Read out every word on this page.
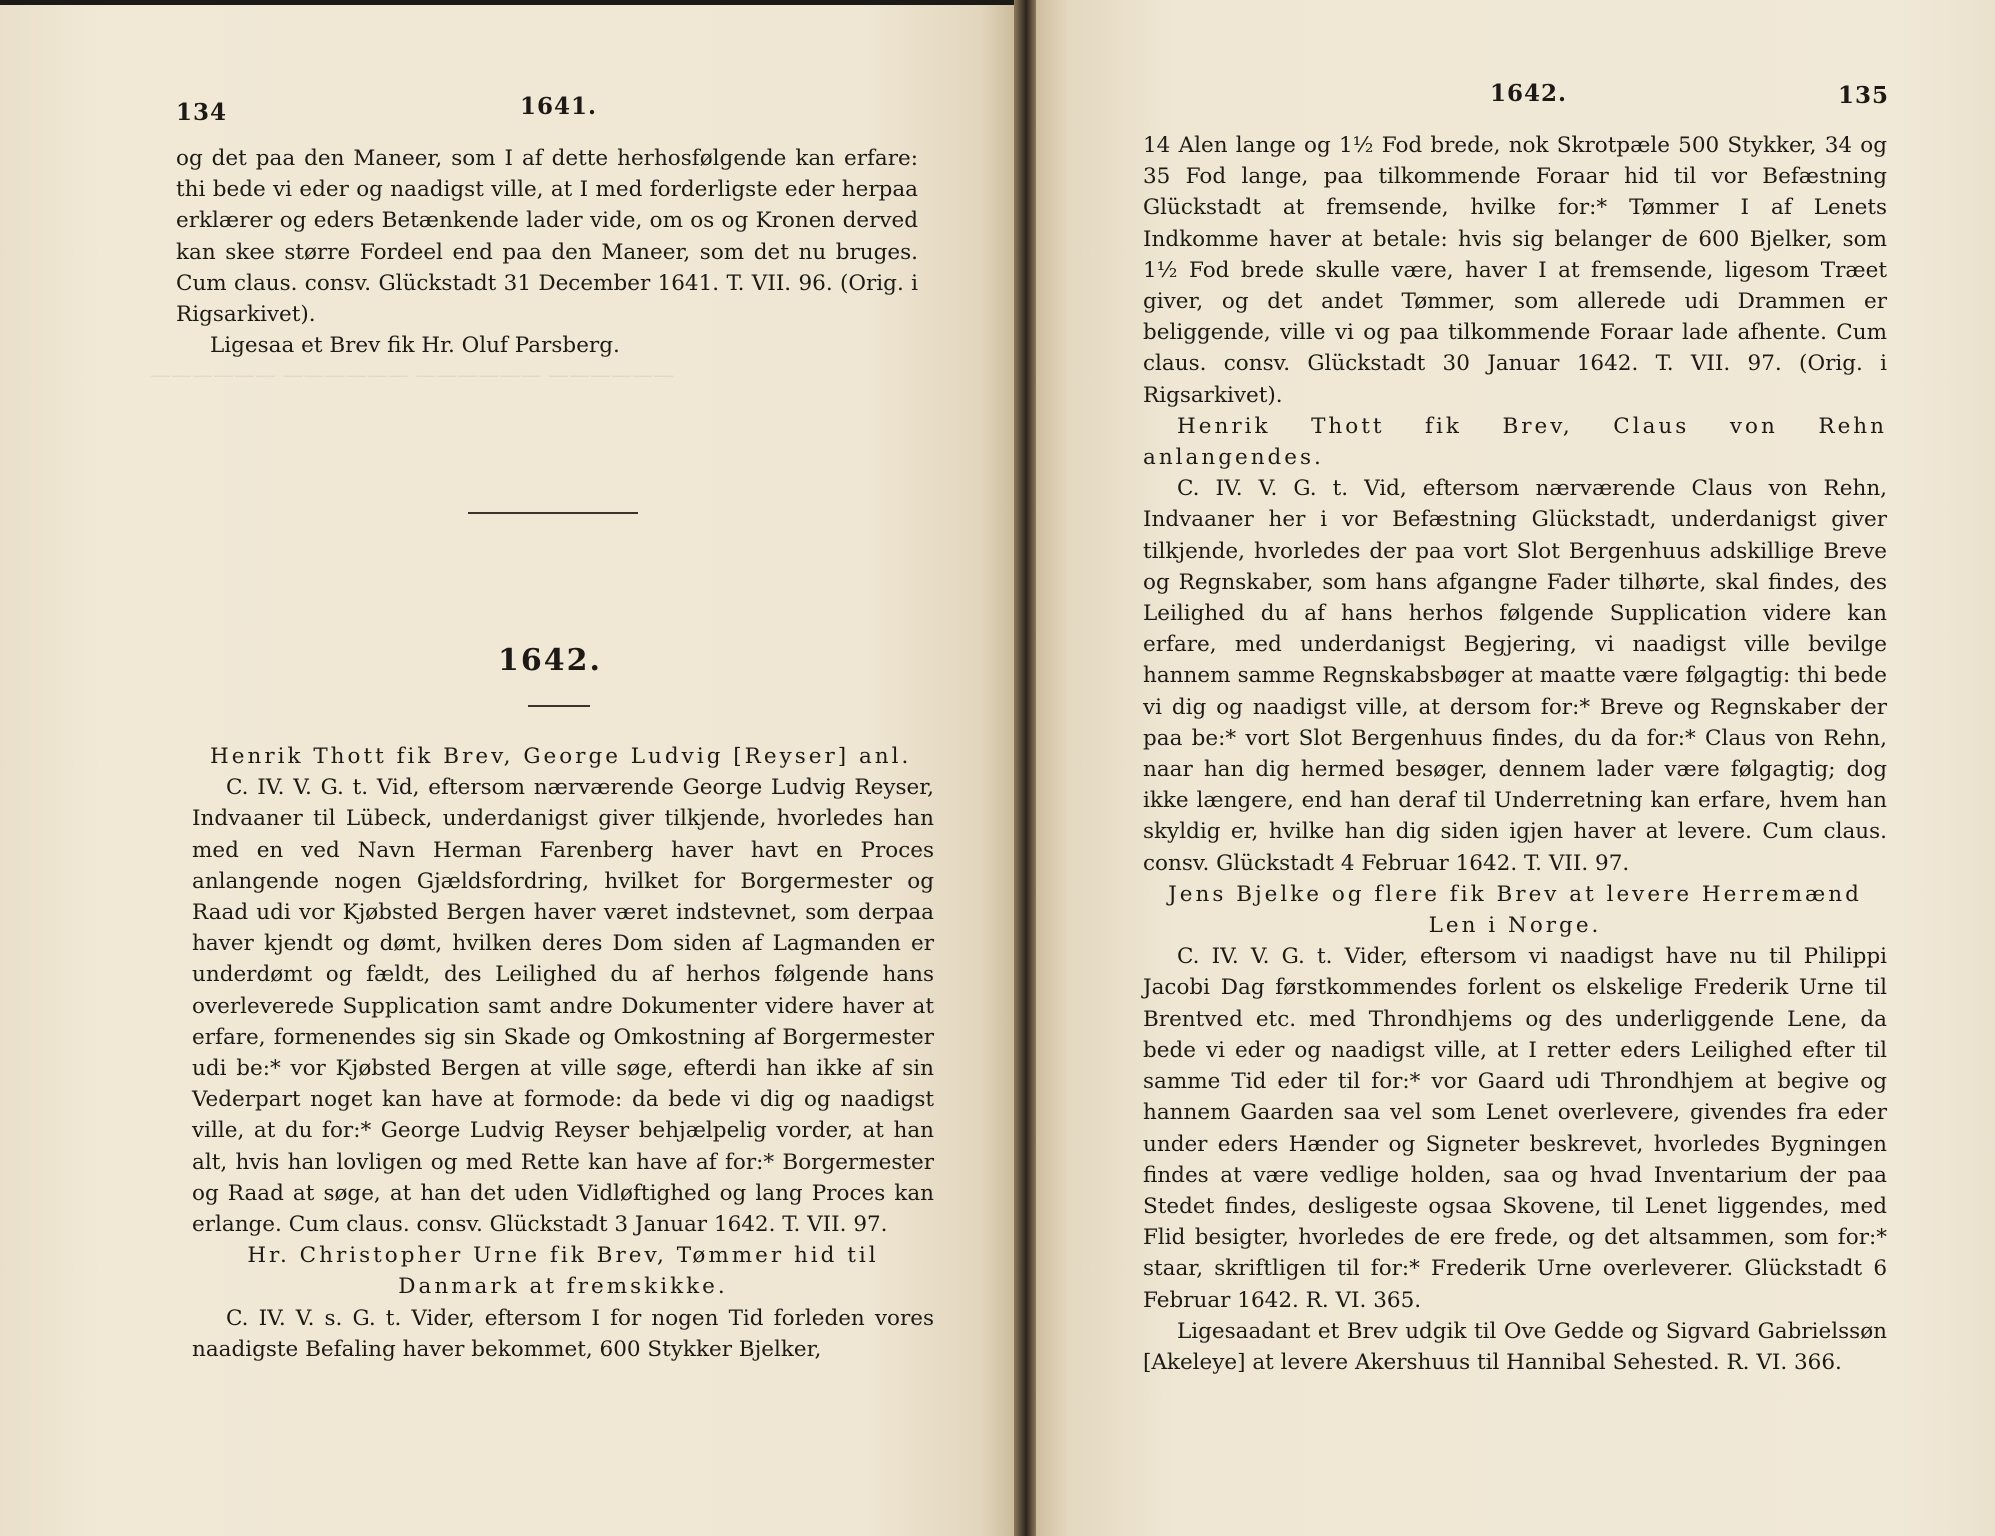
—————— —————— —————— ——————
134	1641.

og det paa den Maneer, som I af dette herhosfølgende kan erfare: thi bede vi eder og naadigst ville, at I med forderligste eder herpaa erklærer og eders Betænkende lader vide, om os og Kronen derved kan skee større Fordeel end paa den Maneer, som det nu bruges. Cum claus. consv. Glückstadt 31 December 1641. T. VII. 96. (Orig. i Rigsarkivet).

Ligesaa et Brev fik Hr. Oluf Parsberg.

1642.

Henrik Thott fik Brev, George Ludvig [Reyser] anl.

C. IV. V. G. t. Vid, eftersom nærværende George Ludvig Reyser, Indvaaner til Lübeck, underdanigst giver tilkjende, hvorledes han med en ved Navn Herman Farenberg haver havt en Proces anlangende nogen Gjældsfordring, hvilket for Borgermester og Raad udi vor Kjøbsted Bergen haver været indstevnet, som derpaa haver kjendt og dømt, hvilken deres Dom siden af Lagmanden er underdømt og fældt, des Leilighed du af herhos følgende hans overleverede Supplication samt andre Dokumenter videre haver at erfare, formenendes sig sin Skade og Omkostning af Borgermester udi be:* vor Kjøbsted Bergen at ville søge, efterdi han ikke af sin Vederpart noget kan have at formode: da bede vi dig og naadigst ville, at du for:* George Ludvig Reyser behjælpelig vorder, at han alt, hvis han lovligen og med Rette kan have af for:* Borgermester og Raad at søge, at han det uden Vidløftighed og lang Proces kan erlange. Cum claus. consv. Glückstadt 3 Januar 1642. T. VII. 97.

Hr. Christopher Urne fik Brev, Tømmer hid til Danmark at fremskikke.

C. IV. V. s. G. t. Vider, eftersom I for nogen Tid forleden vores naadigste Befaling haver bekommet, 600 Stykker Bjelker,

1642.	135

14 Alen lange og 1½ Fod brede, nok Skrotpæle 500 Stykker, 34 og 35 Fod lange, paa tilkommende Foraar hid til vor Befæstning Glückstadt at fremsende, hvilke for:* Tømmer I af Lenets Indkomme haver at betale: hvis sig belanger de 600 Bjelker, som 1½ Fod brede skulle være, haver I at fremsende, ligesom Træet giver, og det andet Tømmer, som allerede udi Drammen er beliggende, ville vi og paa tilkommende Foraar lade afhente. Cum claus. consv. Glückstadt 30 Januar 1642. T. VII. 97. (Orig. i Rigsarkivet).

Henrik Thott fik Brev, Claus von Rehn anlangendes.

C. IV. V. G. t. Vid, eftersom nærværende Claus von Rehn, Indvaaner her i vor Befæstning Glückstadt, underdanigst giver tilkjende, hvorledes der paa vort Slot Bergenhuus adskillige Breve og Regnskaber, som hans afgangne Fader tilhørte, skal findes, des Leilighed du af hans herhos følgende Supplication videre kan erfare, med underdanigst Begjering, vi naadigst ville bevilge hannem samme Regnskabsbøger at maatte være følgagtig: thi bede vi dig og naadigst ville, at dersom for:* Breve og Regnskaber der paa be:* vort Slot Bergenhuus findes, du da for:* Claus von Rehn, naar han dig hermed besøger, dennem lader være følgagtig; dog ikke længere, end han deraf til Underretning kan erfare, hvem han skyldig er, hvilke han dig siden igjen haver at levere. Cum claus. consv. Glückstadt 4 Februar 1642. T. VII. 97.

Jens Bjelke og flere fik Brev at levere Herremænd Len i Norge.

C. IV. V. G. t. Vider, eftersom vi naadigst have nu til Philippi Jacobi Dag førstkommendes forlent os elskelige Frederik Urne til Brentved etc. med Throndhjems og des underliggende Lene, da bede vi eder og naadigst ville, at I retter eders Leilighed efter til samme Tid eder til for:* vor Gaard udi Throndhjem at begive og hannem Gaarden saa vel som Lenet overlevere, givendes fra eder under eders Hænder og Signeter beskrevet, hvorledes Bygningen findes at være vedlige holden, saa og hvad Inventarium der paa Stedet findes, desligeste ogsaa Skovene, til Lenet liggendes, med Flid besigter, hvorledes de ere frede, og det altsammen, som for:* staar, skriftligen til for:* Frederik Urne overleverer. Glückstadt 6 Februar 1642. R. VI. 365.

Ligesaadant et Brev udgik til Ove Gedde og Sigvard Gabrielssøn [Akeleye] at levere Akershuus til Hannibal Sehested. R. VI. 366.
